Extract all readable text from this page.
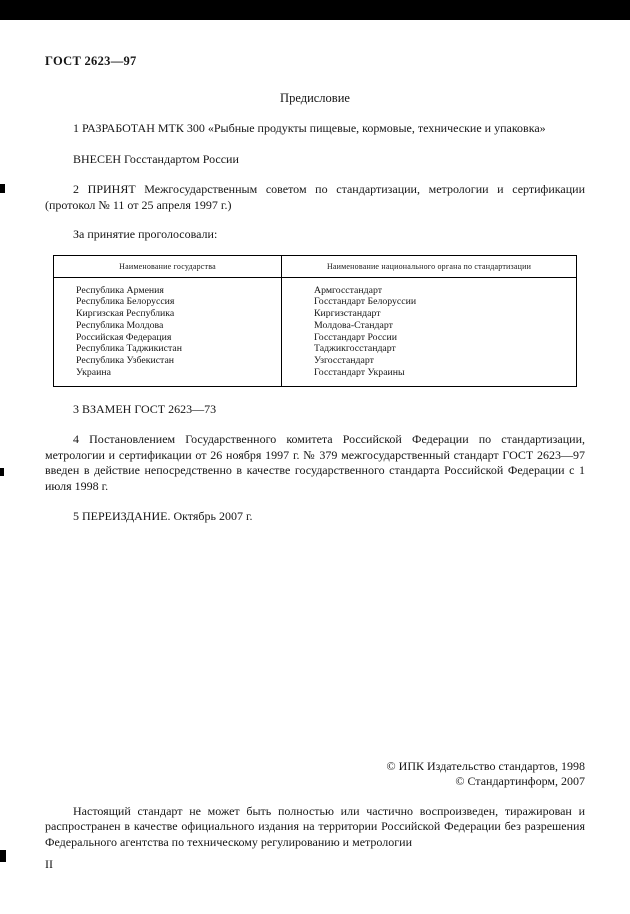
ГОСТ 2623—97
Предисловие

1 РАЗРАБОТАН МТК 300 «Рыбные продукты пищевые, кормовые, технические и упаковка»

ВНЕСЕН Госстандартом России

2 ПРИНЯТ Межгосударственным советом по стандартизации, метрологии и сертификации (протокол № 11 от 25 апреля 1997 г.)

За принятие проголосовали:

Наименование государства	Наименование национального органа по стандартизации
Республика Армения	Армгосстандарт
Республика Белоруссия	Госстандарт Белоруссии
Киргизская Республика	Киргизстандарт
Республика Молдова	Молдова-Стандарт
Российская Федерация	Госстандарт России
Республика Таджикистан	Таджикгосстандарт
Республика Узбекистан	Узгосстандарт
Украина	Госстандарт Украины

3 ВЗАМЕН ГОСТ 2623—73

4 Постановлением Государственного комитета Российской Федерации по стандартизации, метрологии и сертификации от 26 ноября 1997 г. № 379 межгосударственный стандарт ГОСТ 2623—97 введен в действие непосредственно в качестве государственного стандарта Российской Федерации с 1 июля 1998 г.

5 ПЕРЕИЗДАНИЕ. Октябрь 2007 г.

© ИПК Издательство стандартов, 1998
© Стандартинформ, 2007

Настоящий стандарт не может быть полностью или частично воспроизведен, тиражирован и распространен в качестве официального издания на территории Российской Федерации без разрешения Федерального агентства по техническому регулированию и метрологии

II
